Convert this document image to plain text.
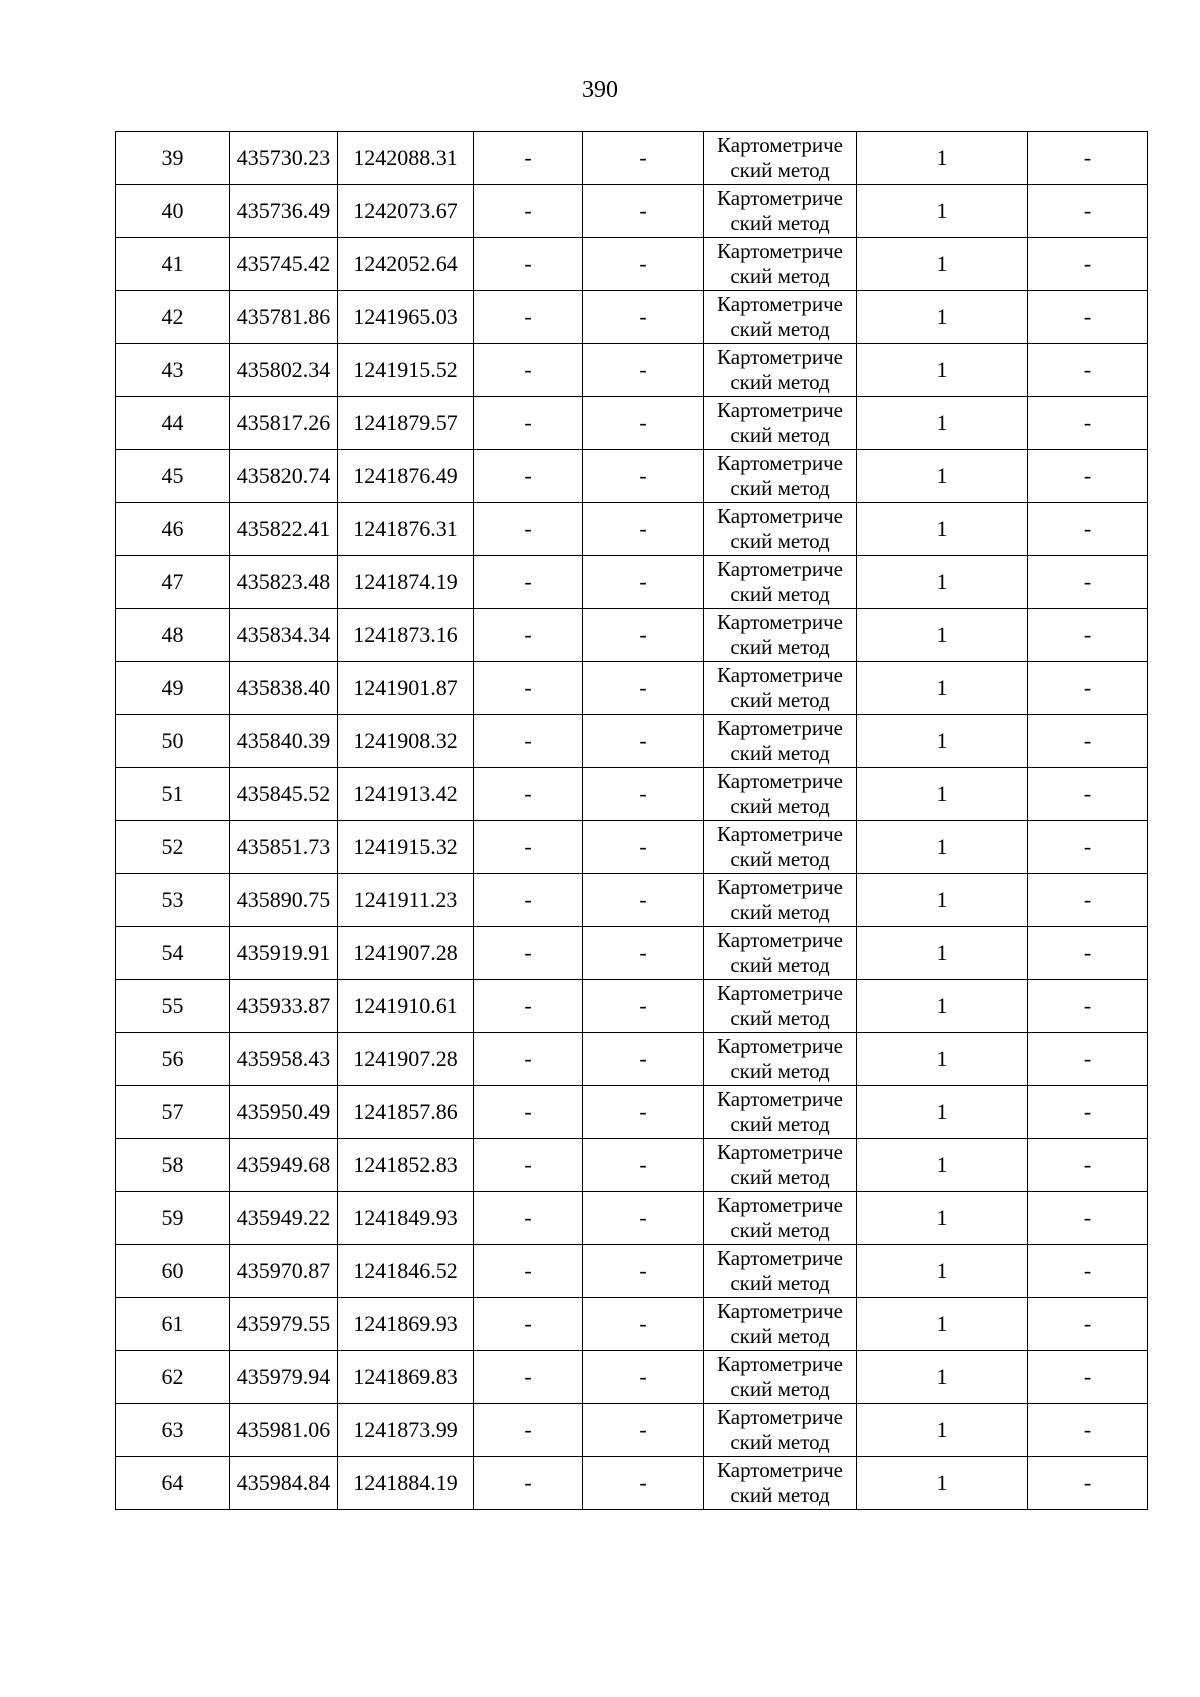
390
39	435730.23	1242088.31	-	-	Картометриче
ский метод	1	-
40	435736.49	1242073.67	-	-	Картометриче
ский метод	1	-
41	435745.42	1242052.64	-	-	Картометриче
ский метод	1	-
42	435781.86	1241965.03	-	-	Картометриче
ский метод	1	-
43	435802.34	1241915.52	-	-	Картометриче
ский метод	1	-
44	435817.26	1241879.57	-	-	Картометриче
ский метод	1	-
45	435820.74	1241876.49	-	-	Картометриче
ский метод	1	-
46	435822.41	1241876.31	-	-	Картометриче
ский метод	1	-
47	435823.48	1241874.19	-	-	Картометриче
ский метод	1	-
48	435834.34	1241873.16	-	-	Картометриче
ский метод	1	-
49	435838.40	1241901.87	-	-	Картометриче
ский метод	1	-
50	435840.39	1241908.32	-	-	Картометриче
ский метод	1	-
51	435845.52	1241913.42	-	-	Картометриче
ский метод	1	-
52	435851.73	1241915.32	-	-	Картометриче
ский метод	1	-
53	435890.75	1241911.23	-	-	Картометриче
ский метод	1	-
54	435919.91	1241907.28	-	-	Картометриче
ский метод	1	-
55	435933.87	1241910.61	-	-	Картометриче
ский метод	1	-
56	435958.43	1241907.28	-	-	Картометриче
ский метод	1	-
57	435950.49	1241857.86	-	-	Картометриче
ский метод	1	-
58	435949.68	1241852.83	-	-	Картометриче
ский метод	1	-
59	435949.22	1241849.93	-	-	Картометриче
ский метод	1	-
60	435970.87	1241846.52	-	-	Картометриче
ский метод	1	-
61	435979.55	1241869.93	-	-	Картометриче
ский метод	1	-
62	435979.94	1241869.83	-	-	Картометриче
ский метод	1	-
63	435981.06	1241873.99	-	-	Картометриче
ский метод	1	-
64	435984.84	1241884.19	-	-	Картометриче
ский метод	1	-
